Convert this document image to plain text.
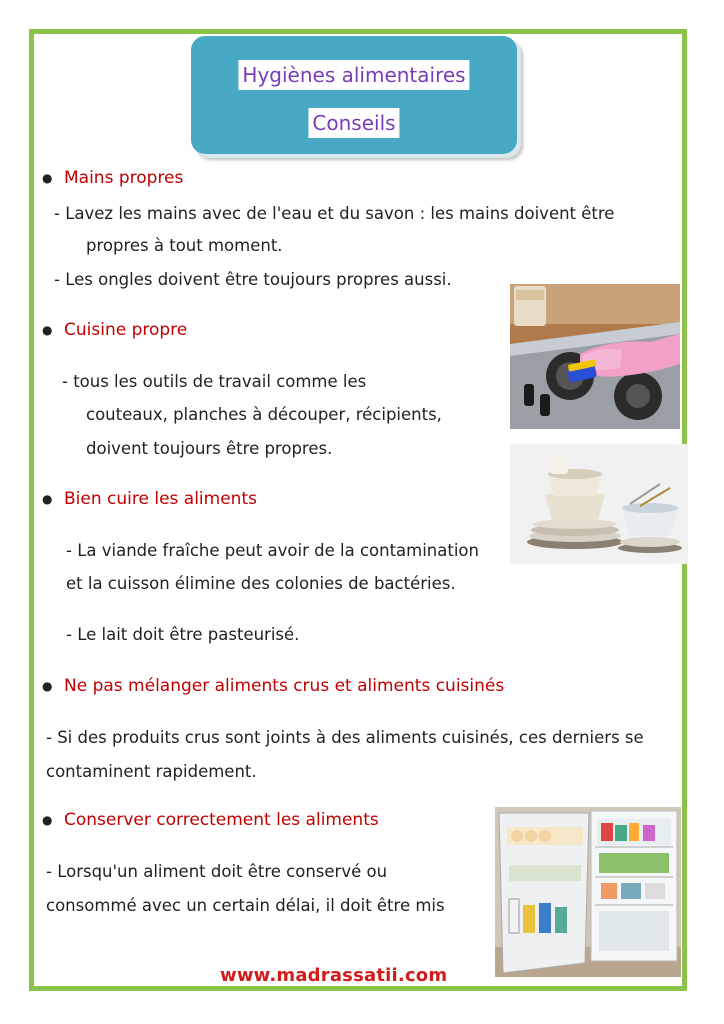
Hygiènes alimentaires
Conseils
● Mains propres
- Lavez les mains avec de l'eau et du savon : les mains doivent être
propres à tout moment.
- Les ongles doivent être toujours propres aussi.
● Cuisine propre
- tous les outils de travail comme les
couteaux, planches à découper, récipients,
doivent toujours être propres.
● Bien cuire les aliments
- La viande fraîche peut avoir de la contamination
et la cuisson élimine des colonies de bactéries.
- Le lait doit être pasteurisé.
● Ne pas mélanger aliments crus et aliments cuisinés
- Si des produits crus sont joints à des aliments cuisinés, ces derniers se
contaminent rapidement.
● Conserver correctement les aliments
- Lorsqu'un aliment doit être conservé ou
consommé avec un certain délai, il doit être mis
www.madrassatii.com
